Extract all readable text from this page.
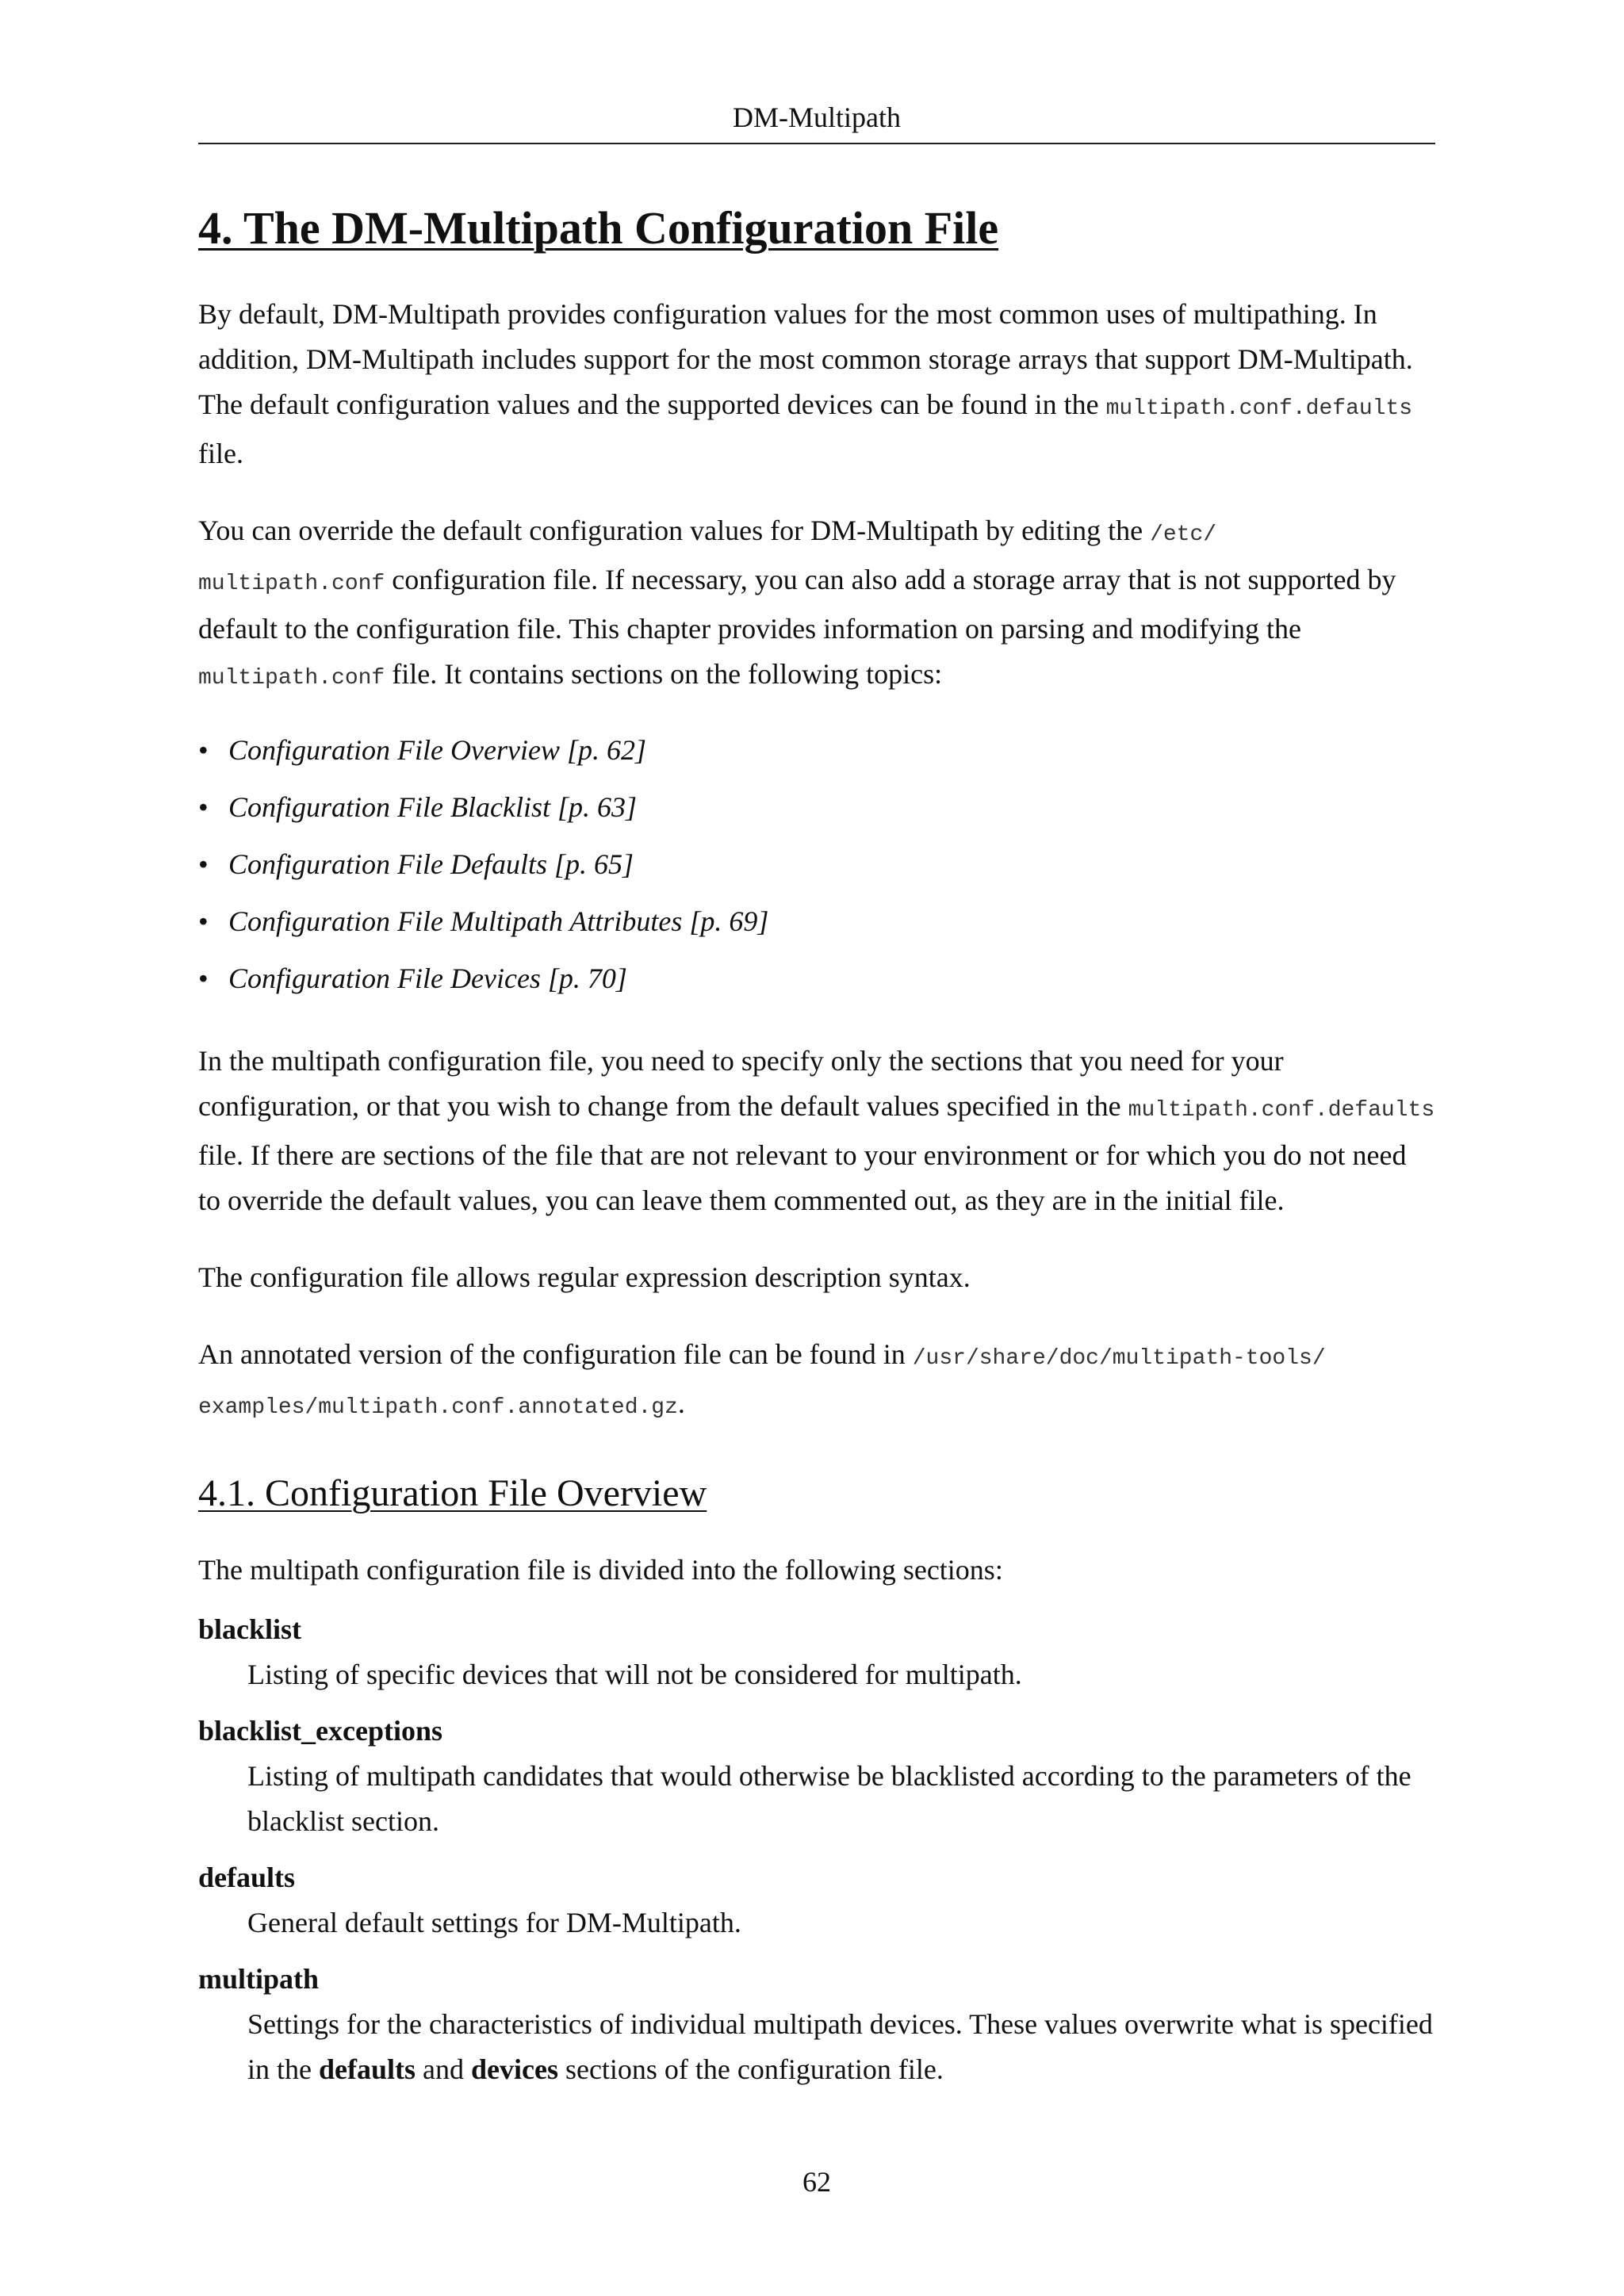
DM-Multipath
4. The DM-Multipath Configuration File

By default, DM-Multipath provides configuration values for the most common uses of multipathing. In addition, DM-Multipath includes support for the most common storage arrays that support DM-Multipath. The default configuration values and the supported devices can be found in the multipath.conf.defaults file.

You can override the default configuration values for DM-Multipath by editing the /etc/
multipath.conf configuration file. If necessary, you can also add a storage array that is not supported by default to the configuration file. This chapter provides information on parsing and modifying the multipath.conf file. It contains sections on the following topics:

• Configuration File Overview [p. 62]
• Configuration File Blacklist [p. 63]
• Configuration File Defaults [p. 65]
• Configuration File Multipath Attributes [p. 69]
• Configuration File Devices [p. 70]

In the multipath configuration file, you need to specify only the sections that you need for your configuration, or that you wish to change from the default values specified in the multipath.conf.defaults file. If there are sections of the file that are not relevant to your environment or for which you do not need to override the default values, you can leave them commented out, as they are in the initial file.

The configuration file allows regular expression description syntax.

An annotated version of the configuration file can be found in /usr/share/doc/multipath-tools/
examples/multipath.conf.annotated.gz.

4.1. Configuration File Overview

The multipath configuration file is divided into the following sections:

blacklist
Listing of specific devices that will not be considered for multipath.
blacklist_exceptions
Listing of multipath candidates that would otherwise be blacklisted according to the parameters of the blacklist section.
defaults
General default settings for DM-Multipath.
multipath
Settings for the characteristics of individual multipath devices. These values overwrite what is specified in the defaults and devices sections of the configuration file.
62
